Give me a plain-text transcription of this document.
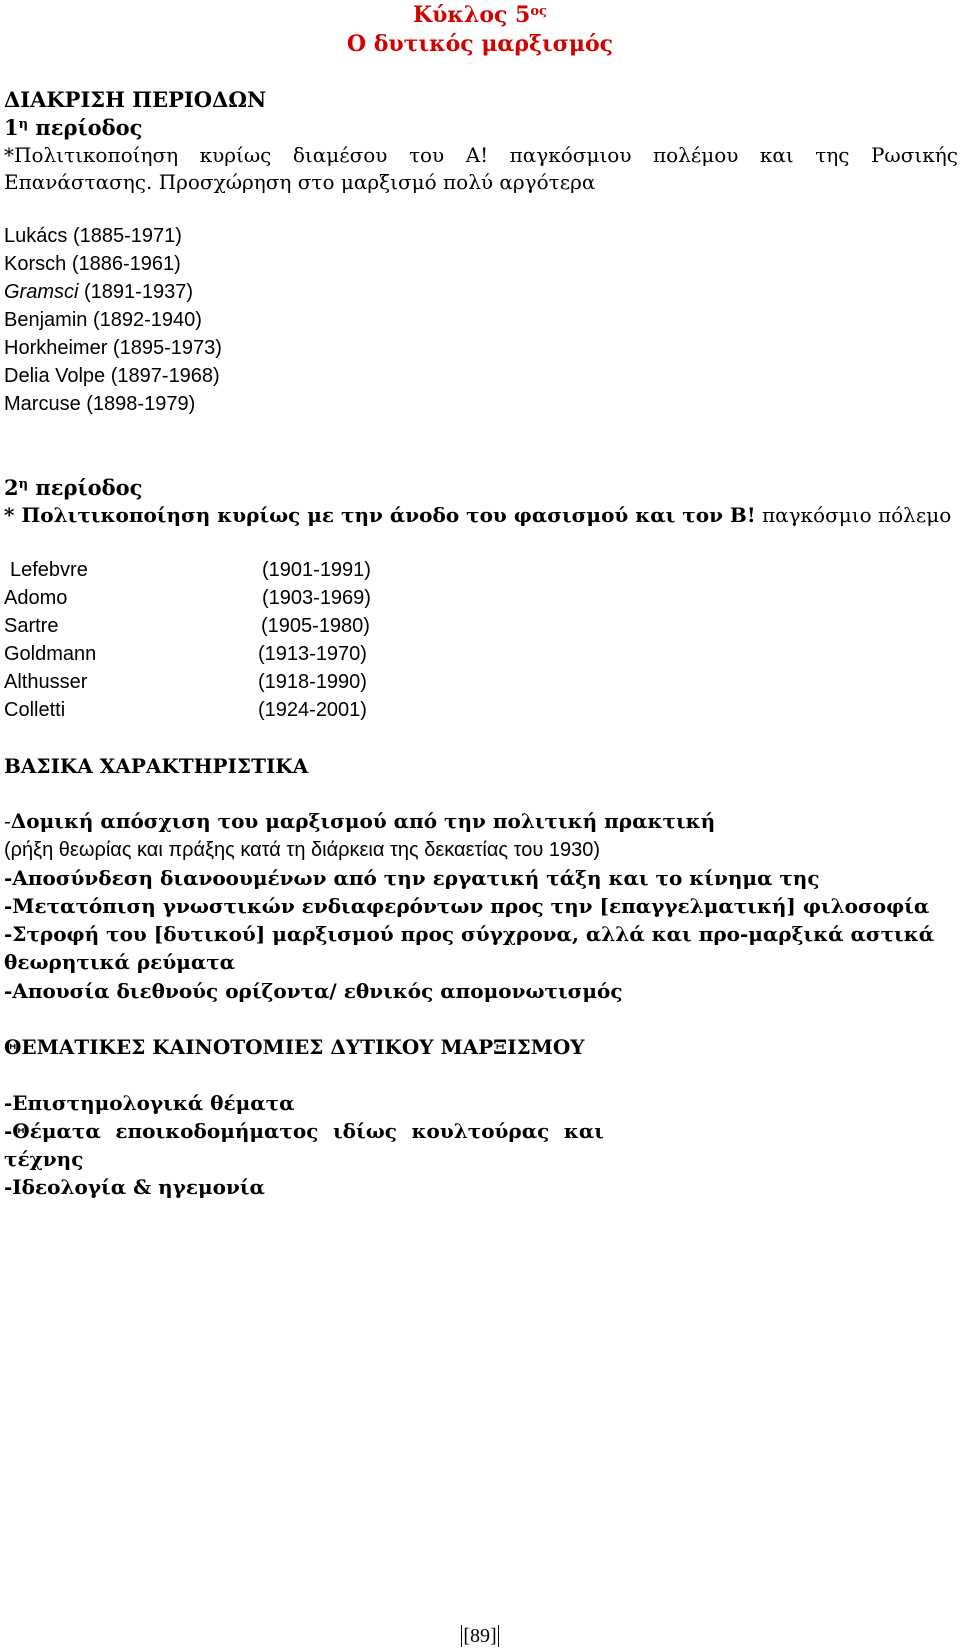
Κύκλος $5^{o\varsigma}$
Ο δυτικός μαρξισμός
ΔΙΑΚΡΙΣΗ ΠΕΡΙΟΔΩΝ
$1^\eta$ περίοδος
*Πολιτικοποίηση κυρίως διαμέσου του Α! παγκόσμιου πολέμου και της Ρωσικής
Επανάστασης. Προσχώρηση στο μαρξισμό πολύ αργότερα
Lukács (1885-1971)
Korsch (1886-1961)
Gramsci (1891-1937)
Benjamin (1892-1940)
Horkheimer (1895-1973)
Delia Volpe (1897-1968)
Marcuse (1898-1979)
$2^\eta$ περίοδος
* Πολιτικοποίηση κυρίως με την άνοδο του φασισμού και τον Β! παγκόσμιο πόλεμο
Lefebvre	(1901-1991)
Adomo	(1903-1969)
Sartre	(1905-1980)
Goldmann	(1913-1970)
Althusser	(1918-1990)
Colletti	(1924-2001)
ΒΑΣΙΚΑ ΧΑΡΑΚΤΗΡΙΣΤΙΚΑ
-Δομική απόσχιση του μαρξισμού από την πολιτική πρακτική
(ρήξη θεωρίας και πράξης κατά τη διάρκεια της δεκαετίας του 1930)
-Αποσύνδεση διανοουμένων από την εργατική τάξη και το κίνημα της
-Μετατόπιση γνωστικών ενδιαφερόντων προς την [επαγγελματική] φιλοσοφία
-Στροφή του [δυτικού] μαρξισμού προς σύγχρονα, αλλά και προ-μαρξικά αστικά
θεωρητικά ρεύματα
-Απουσία διεθνούς ορίζοντα/ εθνικός απομονωτισμός
ΘΕΜΑΤΙΚΕΣ ΚΑΙΝΟΤΟΜΙΕΣ ΔΥΤΙΚΟΥ ΜΑΡΞΙΣΜΟΥ
-Επιστημολογικά θέματα
-Θέματα εποικοδομήματος ιδίως κουλτούρας και
τέχνης
-Ιδεολογία & ηγεμονία
[89]
